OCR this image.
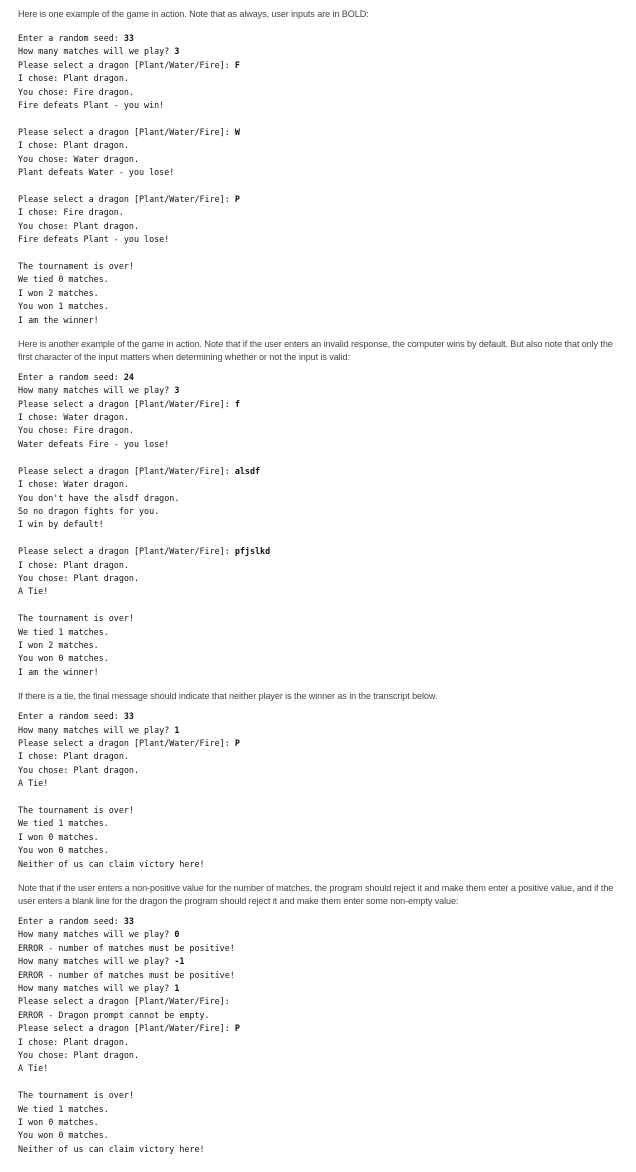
Here is one example of the game in action. Note that as always, user inputs are in BOLD:

Enter a random seed: 33
How many matches will we play? 3
Please select a dragon [Plant/Water/Fire]: F
I chose: Plant dragon.
You chose: Fire dragon.
Fire defeats Plant - you win!
Please select a dragon [Plant/Water/Fire]: W
I chose: Plant dragon.
You chose: Water dragon.
Plant defeats Water - you lose!
Please select a dragon [Plant/Water/Fire]: P
I chose: Fire dragon.
You chose: Plant dragon.
Fire defeats Plant - you lose!
The tournament is over!
We tied 0 matches.
I won 2 matches.
You won 1 matches.
I am the winner!

Here is another example of the game in action. Note that if the user enters an invalid response, the computer wins by default. But also note that only the first character of the input matters when determining whether or not the input is valid:

Enter a random seed: 24
How many matches will we play? 3
Please select a dragon [Plant/Water/Fire]: f
I chose: Water dragon.
You chose: Fire dragon.
Water defeats Fire - you lose!
Please select a dragon [Plant/Water/Fire]: alsdf
I chose: Water dragon.
You don't have the alsdf dragon.
So no dragon fights for you.
I win by default!
Please select a dragon [Plant/Water/Fire]: pfjslkd
I chose: Plant dragon.
You chose: Plant dragon.
A Tie!
The tournament is over!
We tied 1 matches.
I won 2 matches.
You won 0 matches.
I am the winner!

If there is a tie, the final message should indicate that neither player is the winner as in the transcript below.

Enter a random seed: 33
How many matches will we play? 1
Please select a dragon [Plant/Water/Fire]: P
I chose: Plant dragon.
You chose: Plant dragon.
A Tie!
The tournament is over!
We tied 1 matches.
I won 0 matches.
You won 0 matches.
Neither of us can claim victory here!

Note that if the user enters a non-positive value for the number of matches, the program should reject it and make them enter a positive value, and if the user enters a blank line for the dragon the program should reject it and make them enter some non-empty value:

Enter a random seed: 33
How many matches will we play? 0
ERROR - number of matches must be positive!
How many matches will we play? -1
ERROR - number of matches must be positive!
How many matches will we play? 1
Please select a dragon [Plant/Water/Fire]:
ERROR - Dragon prompt cannot be empty.
Please select a dragon [Plant/Water/Fire]: P
I chose: Plant dragon.
You chose: Plant dragon.
A Tie!
The tournament is over!
We tied 1 matches.
I won 0 matches.
You won 0 matches.
Neither of us can claim victory here!
